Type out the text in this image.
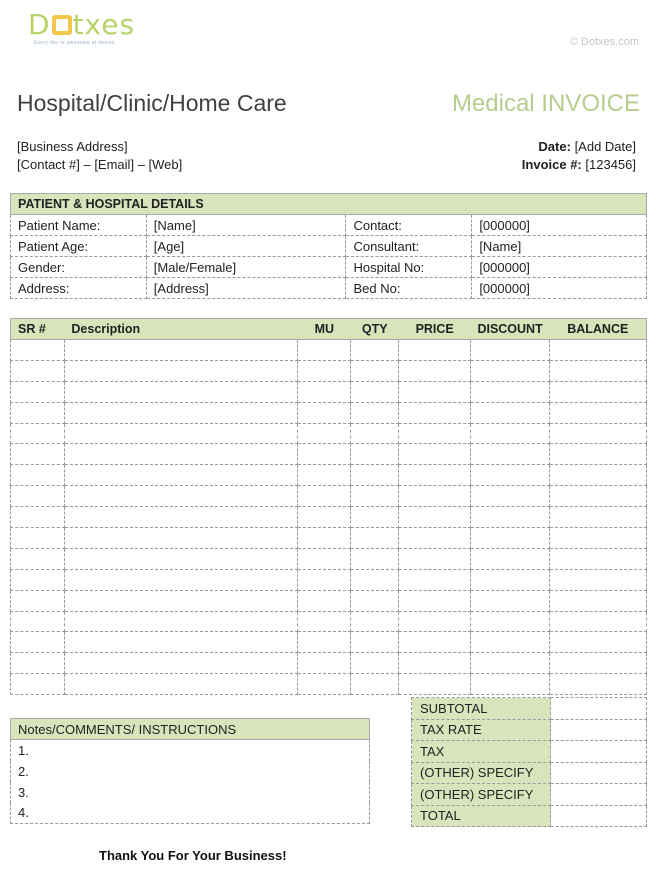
D txes
Every doc is awesome at dotxes	© Dotxes.com
Hospital/Clinic/Home Care	Medical INVOICE
[Business Address]
[Contact #] – [Email] – [Web]
Date: [Add Date]
Invoice #: [123456]
PATIENT & HOSPITAL DETAILS			
Patient Name:	[Name]	Contact:	[000000]
Patient Age:	[Age]	Consultant:	[Name]
Gender:	[Male/Female]	Hospital No:	[000000]
Address:	[Address]	Bed No:	[000000]
SR #	Description	MU	QTY	PRICE	DISCOUNT	BALANCE

SUBTOTAL	
TAX RATE	
TAX	
(OTHER) SPECIFY	
(OTHER) SPECIFY	
TOTAL	
Notes/COMMENTS/ INSTRUCTIONS
1.
2.
3.
4.
Thank You For Your Business!
